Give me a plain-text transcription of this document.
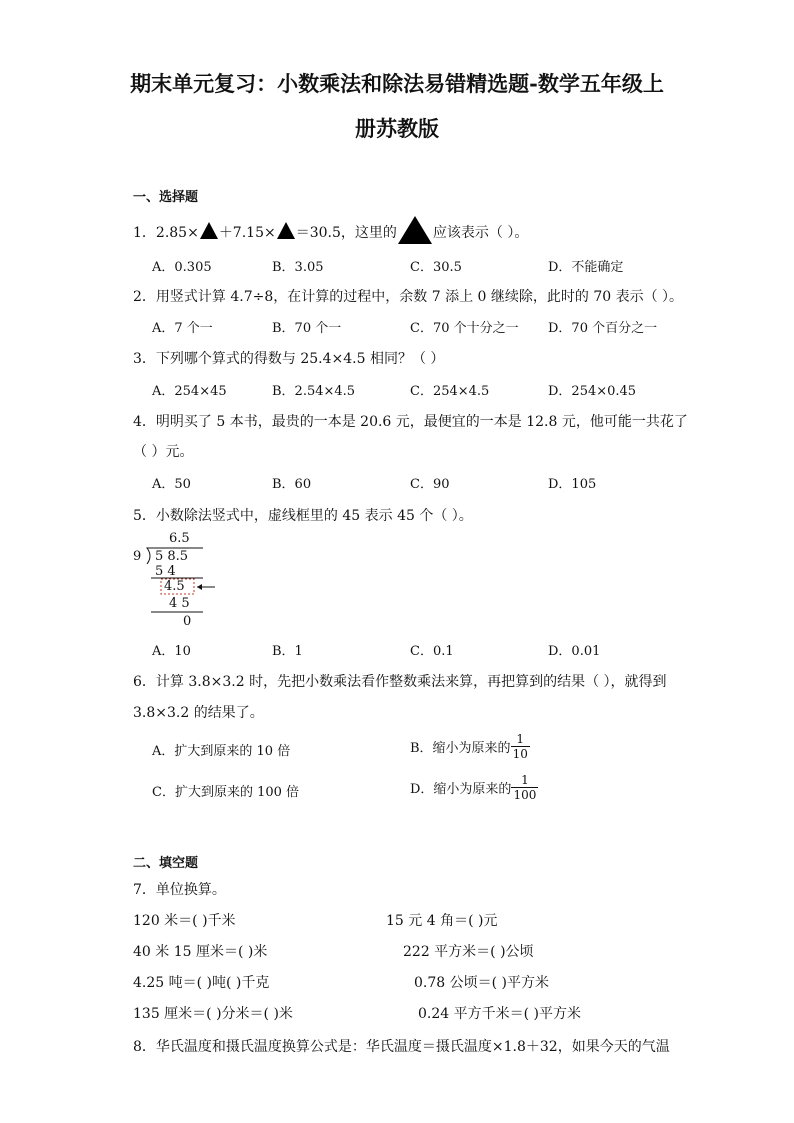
期末单元复习：小数乘法和除法易错精选题-数学五年级上
册苏教版
一、选择题
1．2.85× ＋7.15× ＝30.5，这里的	应该表示（ ）。
A．0.305	B．3.05	C．30.5	D．不能确定
2．用竖式计算 4.7÷8，在计算的过程中，余数 7 添上 0 继续除，此时的 70 表示（ ）。
A．7 个一	B．70 个一	C．70 个十分之一 D．70 个百分之一
3．下列哪个算式的得数与 25.4×4.5 相同？（ ）
A．254×45	B．2.54×4.5	C．254×4.5	D．254×0.45
4．明明买了 5 本书，最贵的一本是 20.6 元，最便宜的一本是 12.8 元，他可能一共花了
（ ）元。
A．50	B．60	C．90	D．105
5．小数除法竖式中，虚线框里的 45 表示 45 个（ ）。
6.5
9 5 8.5
5 4
4.5
4 5
0
A．10	B．1	C．0.1	D．0.01
6．计算 3.8×3.2 时，先把小数乘法看作整数乘法来算，再把算到的结果（ ），就得到
3.8×3.2 的结果了。
A．扩大到原来的 10 倍	B．缩小为原来的 $\frac{1}{10}$
C．扩大到原来的 100 倍	D．缩小为原来的 $\frac{1}{100}$
二、填空题
7．单位换算。
120 米＝( )千米	15 元 4 角＝( )元
40 米 15 厘米＝( )米	222 平方米＝( )公顷
4.25 吨＝( )吨( )千克	0.78 公顷＝( )平方米
135 厘米＝( )分米＝( )米	0.24 平方千米＝( )平方米
8．华氏温度和摄氏温度换算公式是：华氏温度＝摄氏温度×1.8＋32，如果今天的气温
